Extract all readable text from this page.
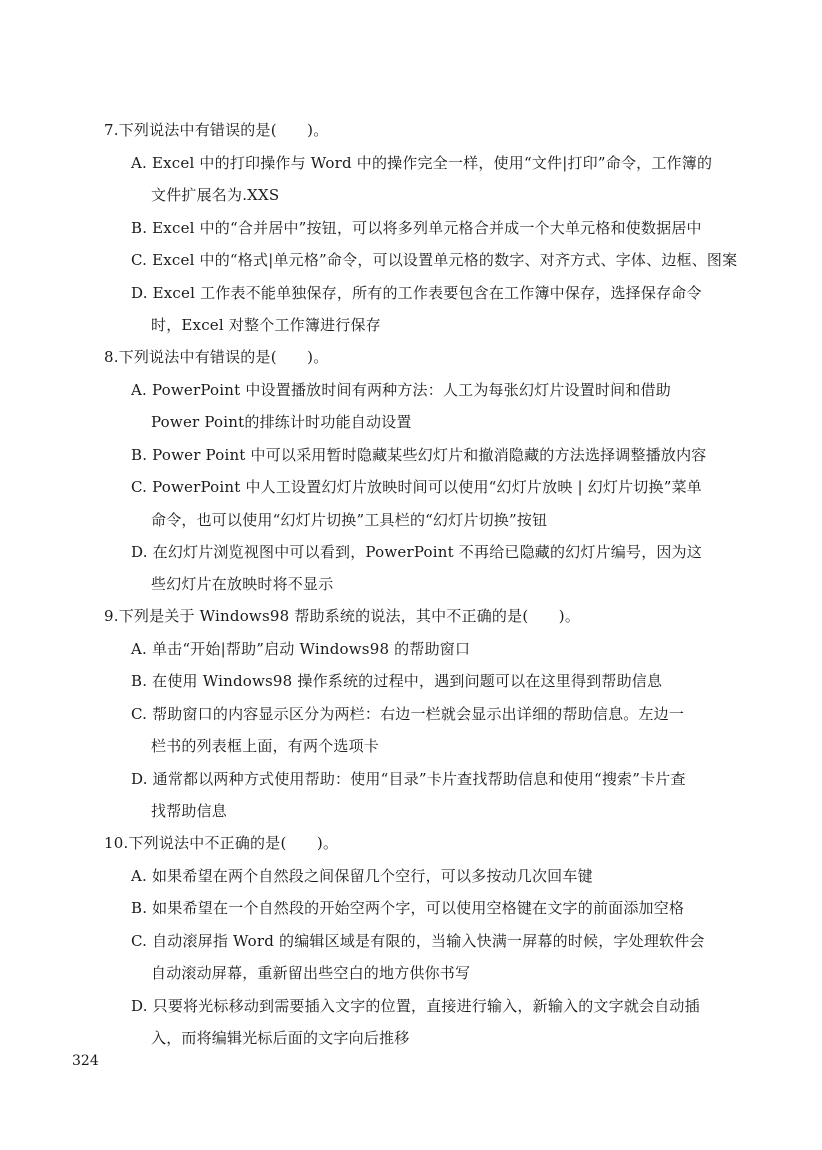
7.下列说法中有错误的是(　　)。
A. Excel 中的打印操作与 Word 中的操作完全一样，使用“文件|打印”命令，工作簿的
文件扩展名为.XXS
B. Excel 中的“合并居中”按钮，可以将多列单元格合并成一个大单元格和使数据居中
C. Excel 中的“格式|单元格”命令，可以设置单元格的数字、对齐方式、字体、边框、图案
D. Excel 工作表不能单独保存，所有的工作表要包含在工作簿中保存，选择保存命令
时，Excel 对整个工作簿进行保存
8.下列说法中有错误的是(　　)。
A. PowerPoint 中设置播放时间有两种方法：人工为每张幻灯片设置时间和借助
Power Point的排练计时功能自动设置
B. Power Point 中可以采用暂时隐藏某些幻灯片和撤消隐藏的方法选择调整播放内容
C. PowerPoint 中人工设置幻灯片放映时间可以使用“幻灯片放映 | 幻灯片切换”菜单
命令，也可以使用“幻灯片切换”工具栏的“幻灯片切换”按钮
D. 在幻灯片浏览视图中可以看到，PowerPoint 不再给已隐藏的幻灯片编号，因为这
些幻灯片在放映时将不显示
9.下列是关于 Windows98 帮助系统的说法，其中不正确的是(　　)。
A. 单击“开始|帮助”启动 Windows98 的帮助窗口
B. 在使用 Windows98 操作系统的过程中，遇到问题可以在这里得到帮助信息
C. 帮助窗口的内容显示区分为两栏：右边一栏就会显示出详细的帮助信息。左边一
栏书的列表框上面，有两个选项卡
D. 通常都以两种方式使用帮助：使用“目录”卡片查找帮助信息和使用“搜索”卡片查
找帮助信息
10.下列说法中不正确的是(　　)。
A. 如果希望在两个自然段之间保留几个空行，可以多按动几次回车键
B. 如果希望在一个自然段的开始空两个字，可以使用空格键在文字的前面添加空格
C. 自动滚屏指 Word 的编辑区域是有限的，当输入快满一屏幕的时候，字处理软件会
自动滚动屏幕，重新留出些空白的地方供你书写
D. 只要将光标移动到需要插入文字的位置，直接进行输入，新输入的文字就会自动插
入，而将编辑光标后面的文字向后推移
324
